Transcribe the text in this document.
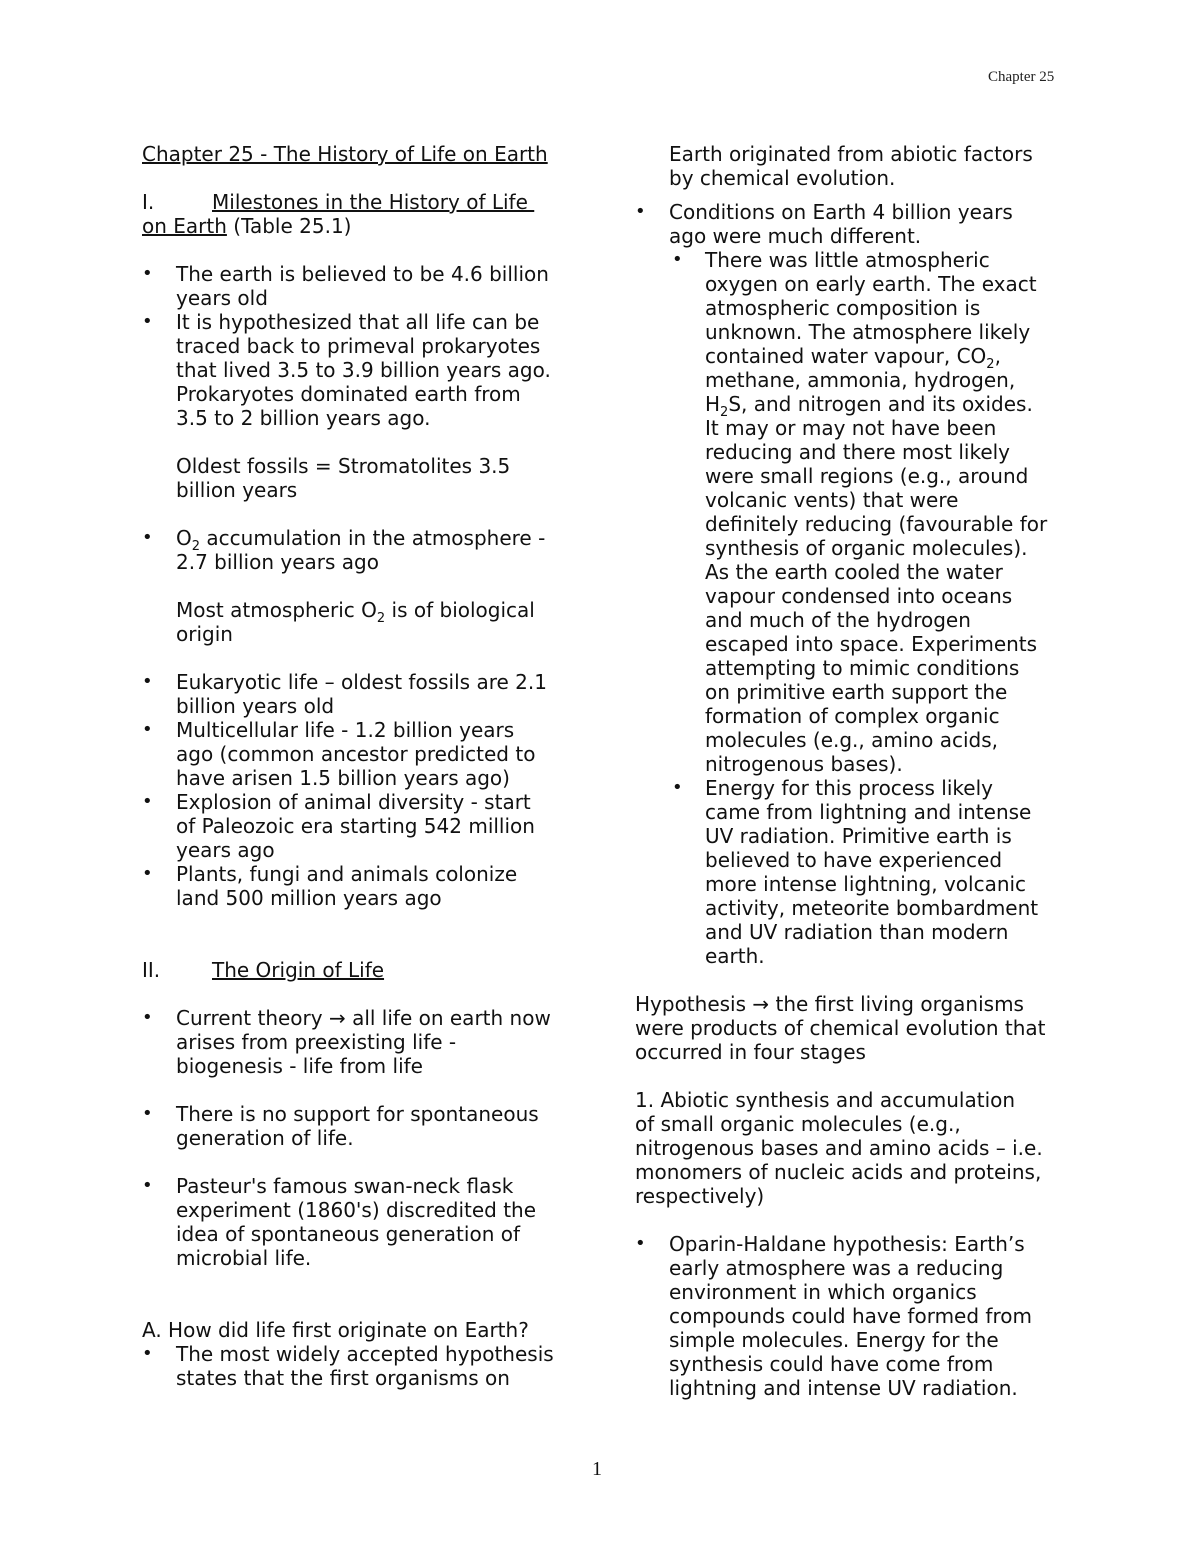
Chapter 25
Chapter 25 - The History of Life on Earth
I.	Milestones in the History of Life
on Earth (Table 25.1)
• The earth is believed to be 4.6 billion
years old
• It is hypothesized that all life can be
traced back to primeval prokaryotes
that lived 3.5 to 3.9 billion years ago.
Prokaryotes dominated earth from
3.5 to 2 billion years ago.
Oldest fossils = Stromatolites 3.5
billion years
• $O_2$ accumulation in the atmosphere -
2.7 billion years ago
Most atmospheric $O_2$ is of biological
origin
• Eukaryotic life – oldest fossils are 2.1
billion years old
• Multicellular life - 1.2 billion years
ago (common ancestor predicted to
have arisen 1.5 billion years ago)
• Explosion of animal diversity - start
of Paleozoic era starting 542 million
years ago
• Plants, fungi and animals colonize
land 500 million years ago
II.	The Origin of Life
• Current theory → all life on earth now
arises from preexisting life -
biogenesis - life from life
• There is no support for spontaneous
generation of life.
• Pasteur's famous swan-neck flask
experiment (1860's) discredited the
idea of spontaneous generation of
microbial life.
A. How did life first originate on Earth?
• The most widely accepted hypothesis
states that the first organisms on
Earth originated from abiotic factors
by chemical evolution.
• Conditions on Earth 4 billion years
ago were much different.
• There was little atmospheric
oxygen on early earth. The exact
atmospheric composition is
unknown. The atmosphere likely
contained water vapour, $CO_2$,
methane, ammonia, hydrogen,
$H_2S$, and nitrogen and its oxides.
It may or may not have been
reducing and there most likely
were small regions (e.g., around
volcanic vents) that were
definitely reducing (favourable for
synthesis of organic molecules).
As the earth cooled the water
vapour condensed into oceans
and much of the hydrogen
escaped into space. Experiments
attempting to mimic conditions
on primitive earth support the
formation of complex organic
molecules (e.g., amino acids,
nitrogenous bases).
• Energy for this process likely
came from lightning and intense
UV radiation. Primitive earth is
believed to have experienced
more intense lightning, volcanic
activity, meteorite bombardment
and UV radiation than modern
earth.
Hypothesis → the first living organisms
were products of chemical evolution that
occurred in four stages
1. Abiotic synthesis and accumulation
of small organic molecules (e.g.,
nitrogenous bases and amino acids – i.e.
monomers of nucleic acids and proteins,
respectively)
• Oparin-Haldane hypothesis: Earth’s
early atmosphere was a reducing
environment in which organics
compounds could have formed from
simple molecules. Energy for the
synthesis could have come from
lightning and intense UV radiation.
1
